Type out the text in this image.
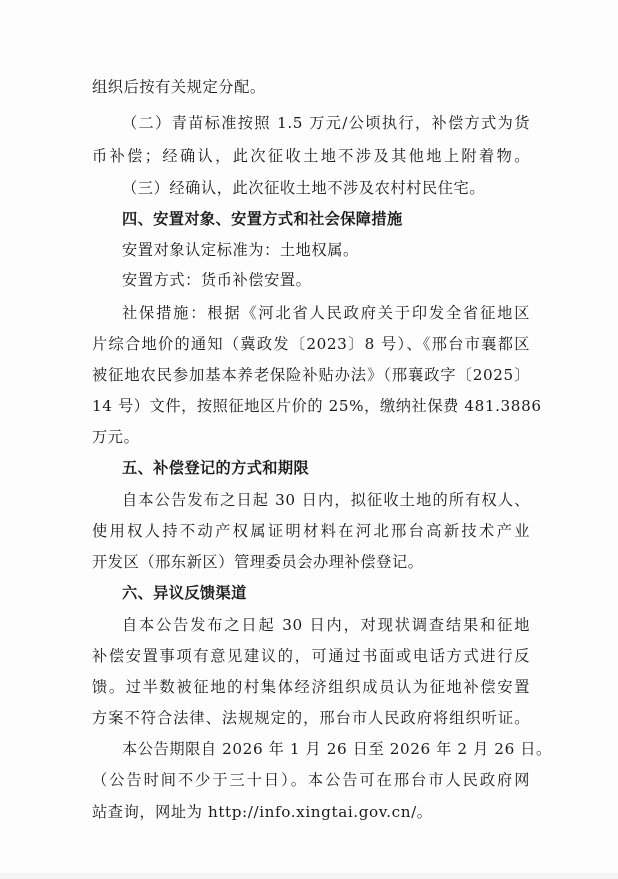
组织后按有关规定分配。
（二）青苗标准按照 1.5 万元/公顷执行，补偿方式为货
币补偿；经确认，此次征收土地不涉及其他地上附着物。
（三）经确认，此次征收土地不涉及农村村民住宅。
四、安置对象、安置方式和社会保障措施
安置对象认定标准为：土地权属。
安置方式：货币补偿安置。
社保措施：根据《河北省人民政府关于印发全省征地区
片综合地价的通知（冀政发〔2023〕8 号）、《邢台市襄都区
被征地农民参加基本养老保险补贴办法》（邢襄政字〔2025〕
14 号）文件，按照征地区片价的 25%，缴纳社保费 481.3886
万元。
五、补偿登记的方式和期限
自本公告发布之日起 30 日内，拟征收土地的所有权人、
使用权人持不动产权属证明材料在河北邢台高新技术产业
开发区（邢东新区）管理委员会办理补偿登记。
六、异议反馈渠道
自本公告发布之日起 30 日内，对现状调查结果和征地
补偿安置事项有意见建议的，可通过书面或电话方式进行反
馈。过半数被征地的村集体经济组织成员认为征地补偿安置
方案不符合法律、法规规定的，邢台市人民政府将组织听证。
本公告期限自 2026 年 1 月 26 日至 2026 年 2 月 26 日。
（公告时间不少于三十日）。本公告可在邢台市人民政府网
站查询，网址为 http://info.xingtai.gov.cn/。
